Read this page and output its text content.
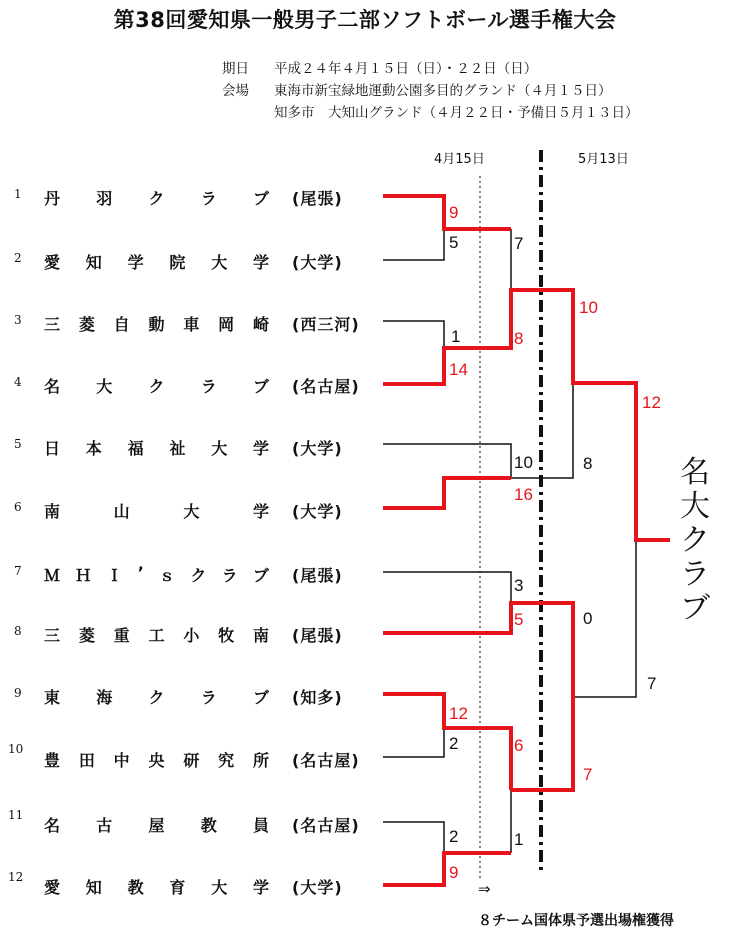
第38回愛知県一般男子二部ソフトボール選手権大会
期日 平成２４年４月１５日（日）・２２日（日）
会場 東海市新宝緑地運動公園多目的グランド（４月１５日）
知多市　大知山グランド（４月２２日・予備日５月１３日）
4月15日	5月13日
1 丹 羽 ク ラ ブ (尾張)
2 愛 知 学 院 大 学 (大学)
3 三 菱 自 動 車 岡 崎 (西三河)
4 名 大 ク ラ ブ (名古屋)
5 日 本 福 祉 大 学 (大学)
6 南	山	大	学 (大学)
7 Ｍ Ｈ Ｉ ’ ｓ ク ラ ブ (尾張)
8 三 菱 重 工 小 牧 南 (尾張)
9 東 海 ク ラ ブ (知多)
10
豊 田 中 央 研 究 所 (名古屋)
11
名 古 屋 教 員 (名古屋)
12
愛 知 教 育 大 学 (大学)
9
5
1
14
7
8
10
12
10	8
16
3
5	0
7
12
2	6
7
2	1
9
名
大
ク
ラ
ブ
⇒
８チーム国体県予選出場権獲得
